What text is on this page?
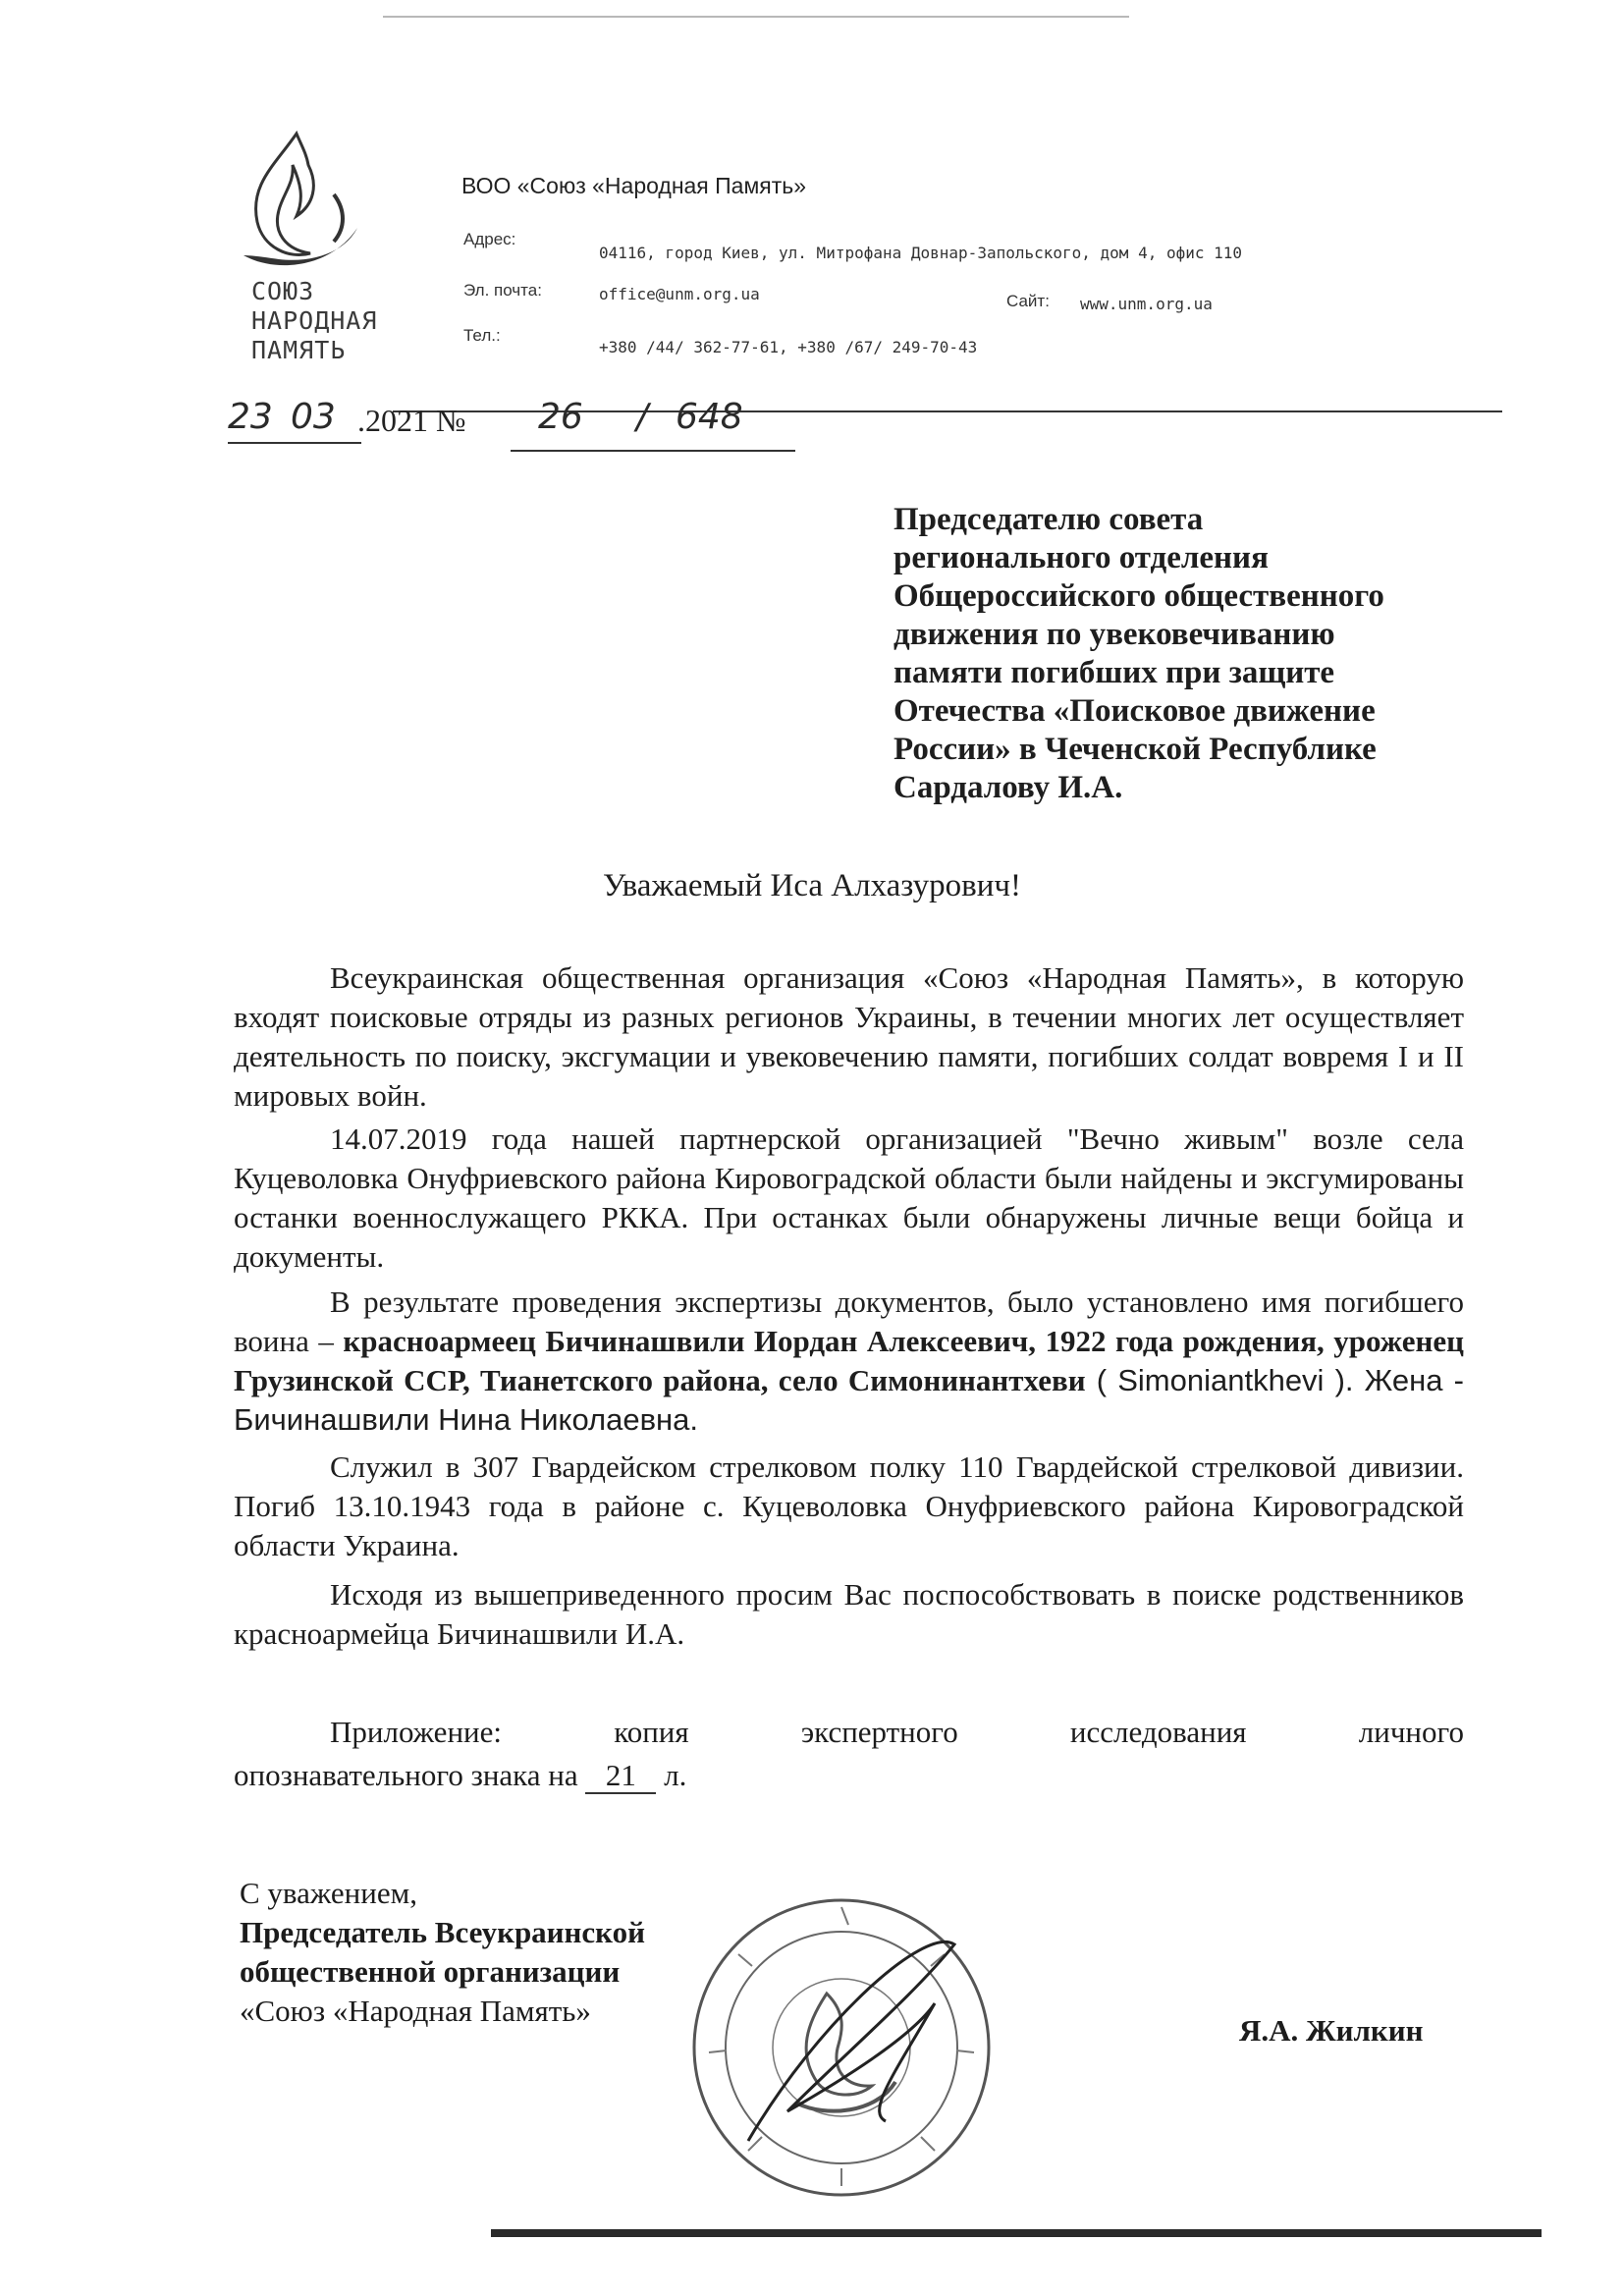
СОЮЗ
НАРОДНАЯ
ПАМЯТЬ
ВОО «Союз «Народная Память»
Адрес:
04116, город Киев, ул. Митрофана Довнар-Запольского, дом 4, офис 110
Эл. почта:	office@unm.org.ua	Сайт: www.unm.org.ua
Тел.:
+380 /44/ 362-77-61, +380 /67/ 249-70-43
23 03 .2021 № 26 / 648
Председателю совета
регионального отделения
Общероссийского общественного
движения по увековечиванию
памяти погибших при защите
Отечества «Поисковое движение
России» в Чеченской Республике
Сардалову И.А.
Уважаемый Иса Алхазурович!
Всеукраинская общественная организация «Союз «Народная Память», в которую входят поисковые отряды из разных регионов Украины, в течении многих лет осуществляет деятельность по поиску, эксгумации и увековечению памяти, погибших солдат вовремя I и II мировых войн.
14.07.2019 года нашей партнерской организацией "Вечно живым" возле села Куцеволовка Онуфриевского района Кировоградской области были найдены и эксгумированы останки военнослужащего РККА. При останках были обнаружены личные вещи бойца и документы.
В результате проведения экспертизы документов, было установлено имя погибшего воина – красноармеец Бичинашвили Иордан Алексеевич, 1922 года рождения, уроженец Грузинской ССР, Тианетского района, село Симонинантхеви ( Simoniantkhevi ). Жена - Бичинашвили Нина Николаевна.
Служил в 307 Гвардейском стрелковом полку 110 Гвардейской стрелковой дивизии. Погиб 13.10.1943 года в районе с. Куцеволовка Онуфриевского района Кировоградской области Украина.
Исходя из вышеприведенного просим Вас поспособствовать в поиске родственников красноармейца Бичинашвили И.А.
Приложение:	копия	экспертного	исследования	личного
опознавательного знака на 21 л.
С уважением,
Председатель Всеукраинской
общественной организации
«Союз «Народная Память»
Я.А. Жилкин
